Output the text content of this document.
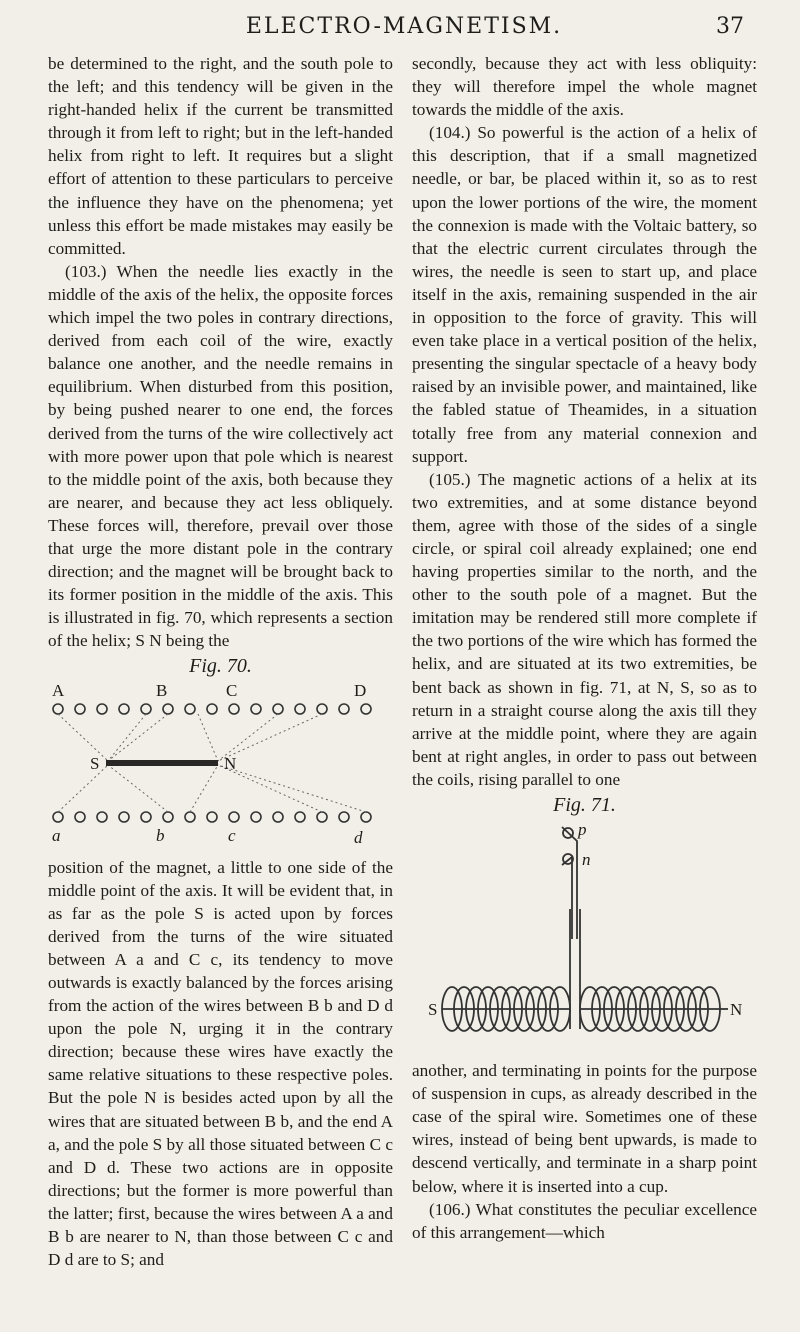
ELECTRO-MAGNETISM.	37

be determined to the right, and the south pole to the left; and this tendency will be given in the right-handed helix if the current be transmitted through it from left to right; but in the left-handed helix from right to left. It requires but a slight effort of attention to these particulars to perceive the influence they have on the phenomena; yet unless this effort be made mistakes may easily be committed.

(103.) When the needle lies exactly in the middle of the axis of the helix, the opposite forces which impel the two poles in contrary directions, derived from each coil of the wire, exactly balance one another, and the needle remains in equilibrium. When disturbed from this position, by being pushed nearer to one end, the forces derived from the turns of the wire collectively act with more power upon that pole which is nearest to the middle point of the axis, both because they are nearer, and because they act less obliquely. These forces will, therefore, prevail over those that urge the more distant pole in the contrary direction; and the magnet will be brought back to its former position in the middle of the axis. This is illustrated in fig. 70, which represents a section of the helix; S N being the

Fig. 70.
A	B	C	D
S	N
a	b	c	d

position of the magnet, a little to one side of the middle point of the axis. It will be evident that, in as far as the pole S is acted upon by forces derived from the turns of the wire situated between A a and C c, its tendency to move outwards is exactly balanced by the forces arising from the action of the wires between B b and D d upon the pole N, urging it in the contrary direction; because these wires have exactly the same relative situations to these respective poles. But the pole N is besides acted upon by all the wires that are situated between B b, and the end A a, and the pole S by all those situated between C c and D d. These two actions are in opposite directions; but the former is more powerful than the latter; first, because the wires between A a and B b are nearer to N, than those between C c and D d are to S; and

secondly, because they act with less obliquity: they will therefore impel the whole magnet towards the middle of the axis.

(104.) So powerful is the action of a helix of this description, that if a small magnetized needle, or bar, be placed within it, so as to rest upon the lower portions of the wire, the moment the connexion is made with the Voltaic battery, so that the electric current circulates through the wires, the needle is seen to start up, and place itself in the axis, remaining suspended in the air in opposition to the force of gravity. This will even take place in a vertical position of the helix, presenting the singular spectacle of a heavy body raised by an invisible power, and maintained, like the fabled statue of Theamides, in a situation totally free from any material connexion and support.

(105.) The magnetic actions of a helix at its two extremities, and at some distance beyond them, agree with those of the sides of a single circle, or spiral coil already explained; one end having properties similar to the north, and the other to the south pole of a magnet. But the imitation may be rendered still more complete if the two portions of the wire which has formed the helix, and are situated at its two extremities, be bent back as shown in fig. 71, at N, S, so as to return in a straight course along the axis till they arrive at the middle point, where they are again bent at right angles, in order to pass out between the coils, rising parallel to one

Fig. 71.
p
n
S	N

another, and terminating in points for the purpose of suspension in cups, as already described in the case of the spiral wire. Sometimes one of these wires, instead of being bent upwards, is made to descend vertically, and terminate in a sharp point below, where it is inserted into a cup.

(106.) What constitutes the peculiar excellence of this arrangement—which
